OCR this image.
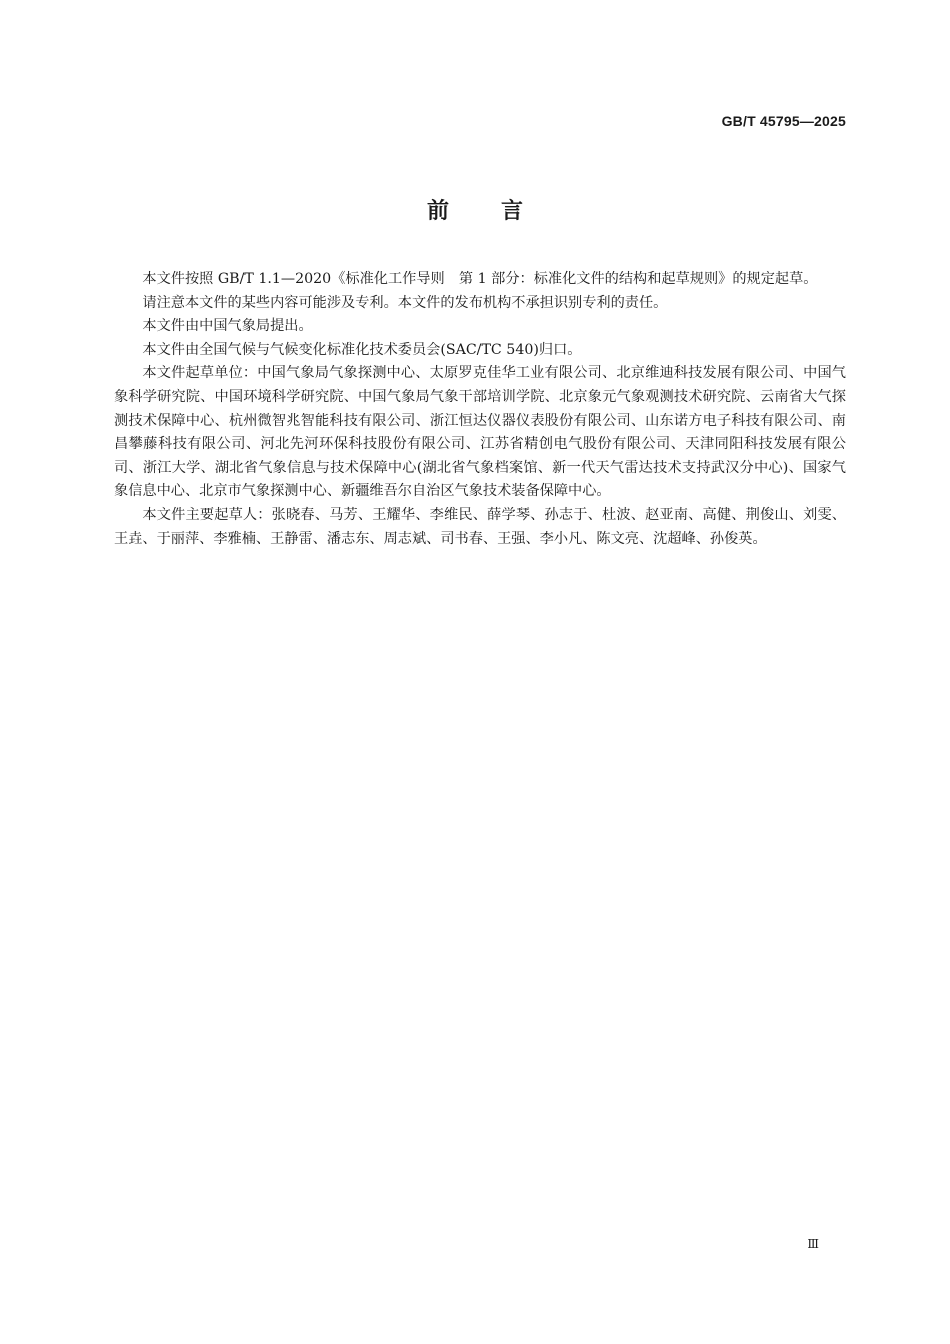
GB/T 45795—2025
前言

本文件按照 GB/T 1.1—2020《标准化工作导则　第 1 部分：标准化文件的结构和起草规则》的规定起草。

请注意本文件的某些内容可能涉及专利。本文件的发布机构不承担识别专利的责任。

本文件由中国气象局提出。

本文件由全国气候与气候变化标准化技术委员会(SAC/TC 540)归口。

本文件起草单位：中国气象局气象探测中心、太原罗克佳华工业有限公司、北京维迪科技发展有限公司、中国气象科学研究院、中国环境科学研究院、中国气象局气象干部培训学院、北京象元气象观测技术研究院、云南省大气探测技术保障中心、杭州微智兆智能科技有限公司、浙江恒达仪器仪表股份有限公司、山东诺方电子科技有限公司、南昌攀藤科技有限公司、河北先河环保科技股份有限公司、江苏省精创电气股份有限公司、天津同阳科技发展有限公司、浙江大学、湖北省气象信息与技术保障中心(湖北省气象档案馆、新一代天气雷达技术支持武汉分中心)、国家气象信息中心、北京市气象探测中心、新疆维吾尔自治区气象技术装备保障中心。

本文件主要起草人：张晓春、马芳、王耀华、李维民、薛学琴、孙志于、杜波、赵亚南、高健、荆俊山、刘雯、王垚、于丽萍、李雅楠、王静雷、潘志东、周志斌、司书春、王强、李小凡、陈文亮、沈超峰、孙俊英。

Ⅲ
